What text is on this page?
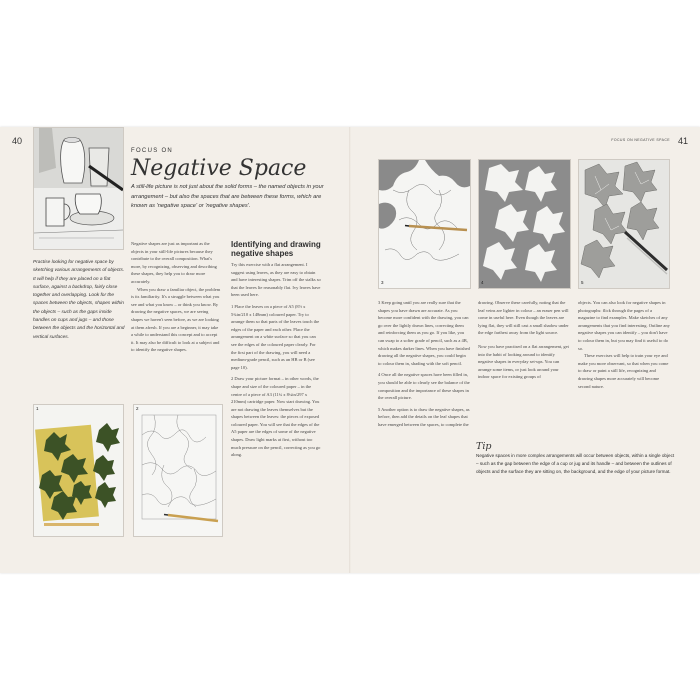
40	41
FOCUS ON NEGATIVE SPACE
FOCUS ON
Negative Space
A still-life picture is not just about the solid forms – the named objects in your arrangement – but also the spaces that are between these forms, which are known as 'negative space' or 'negative shapes'.
Practise looking for negative space by sketching various arrangements of objects. It will help if they are placed on a flat surface, against a backdrop, fairly close together and overlapping. Look for the spaces between the objects, shapes within the objects – such as the gaps inside handles on cups and jugs – and those between the objects and the horizontal and vertical surfaces.

Negative shapes are just as important as the objects in your still-life pictures because they contribute to the overall composition. What's more, by recognizing, observing and describing these shapes, they help you to draw more accurately.

When you draw a familiar object, the problem is its familiarity. It's a struggle between what you see and what you know – or think you know. By drawing the negative spaces, we are seeing shapes we haven't seen before, as we are looking at them afresh. If you are a beginner, it may take a while to understand this concept and to accept it. It may also be difficult to look at a subject and to identify the negative shapes.

Identifying and drawing negative shapes

Try this exercise with a flat arrangement. I suggest using leaves, as they are easy to obtain and have interesting shapes. Trim off the stalks so that the leaves lie reasonably flat. Ivy leaves have been used here.

1 Place the leaves on a piece of A5 (8½ x 5¾in/210 x 148mm) coloured paper. Try to arrange them so that parts of the leaves touch the edges of the paper and each other. Place the arrangement on a white surface so that you can see the edges of the coloured paper clearly. For the first part of the drawing, you will need a medium-grade pencil, such as an HB or B (see page 10).

2 Draw your picture format – in other words, the shape and size of the coloured paper – in the centre of a piece of A3 (11¾ x 8¼in/297 x 210mm) cartridge paper. Now start drawing. You are not drawing the leaves themselves but the shapes between the leaves: the pieces of exposed coloured paper. You will see that the edges of the A5 paper are the edges of some of the negative shapes. Draw light marks at first, without too much pressure on the pencil, correcting as you go along.

1	2
3	4	5

3 Keep going until you are really sure that the shapes you have drawn are accurate. As you become more confident with the drawing, you can go over the lightly drawn lines, correcting them and reinforcing them as you go. If you like, you can swap to a softer grade of pencil, such as a 4B, which makes darker lines. When you have finished drawing all the negative shapes, you could begin to colour them in, shading with the soft pencil.

4 Once all the negative spaces have been filled in, you should be able to clearly see the balance of the composition and the importance of these shapes in the overall picture.

5 Another option is to draw the negative shapes, as before, then add the details on the leaf shapes that have emerged between the spaces, to complete the

drawing. Observe these carefully, noting that the leaf veins are lighter in colour – an eraser pen will come in useful here. Even though the leaves are lying flat, they will still cast a small shadow under the edge farthest away from the light source.

Now you have practised on a flat arrangement, get into the habit of looking around to identify negative shapes in everyday set-ups. You can arrange some items, or just look around your indoor space for existing groups of

objects. You can also look for negative shapes in photographs: flick through the pages of a magazine to find examples. Make sketches of any arrangements that you find interesting. Outline any negative shapes you can identify – you don't have to colour them in, but you may find it useful to do so.

These exercises will help to train your eye and make you more observant, so that when you come to draw or paint a still life, recognizing and drawing shapes more accurately will become second nature.

Tip
Negative spaces in more complex arrangements will occur between objects, within a single object – such as the gap between the edge of a cup or jug and its handle – and between the outlines of objects and the surface they are sitting on, the background, and the edge of your picture format.
